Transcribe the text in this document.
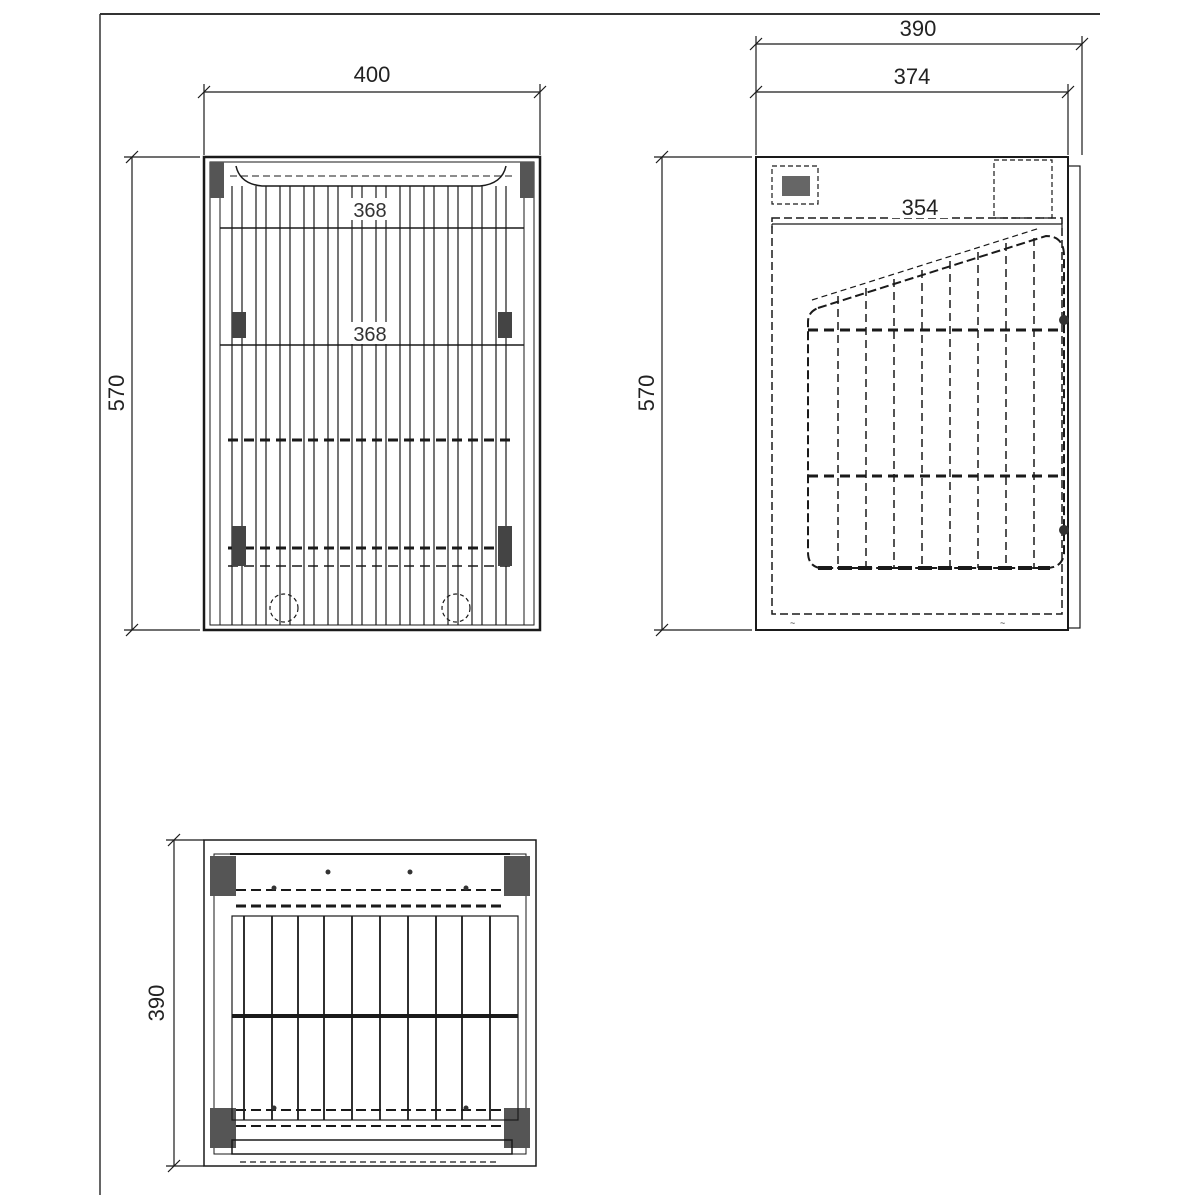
400
570
368
368
390
374
570
~	~
354
390
